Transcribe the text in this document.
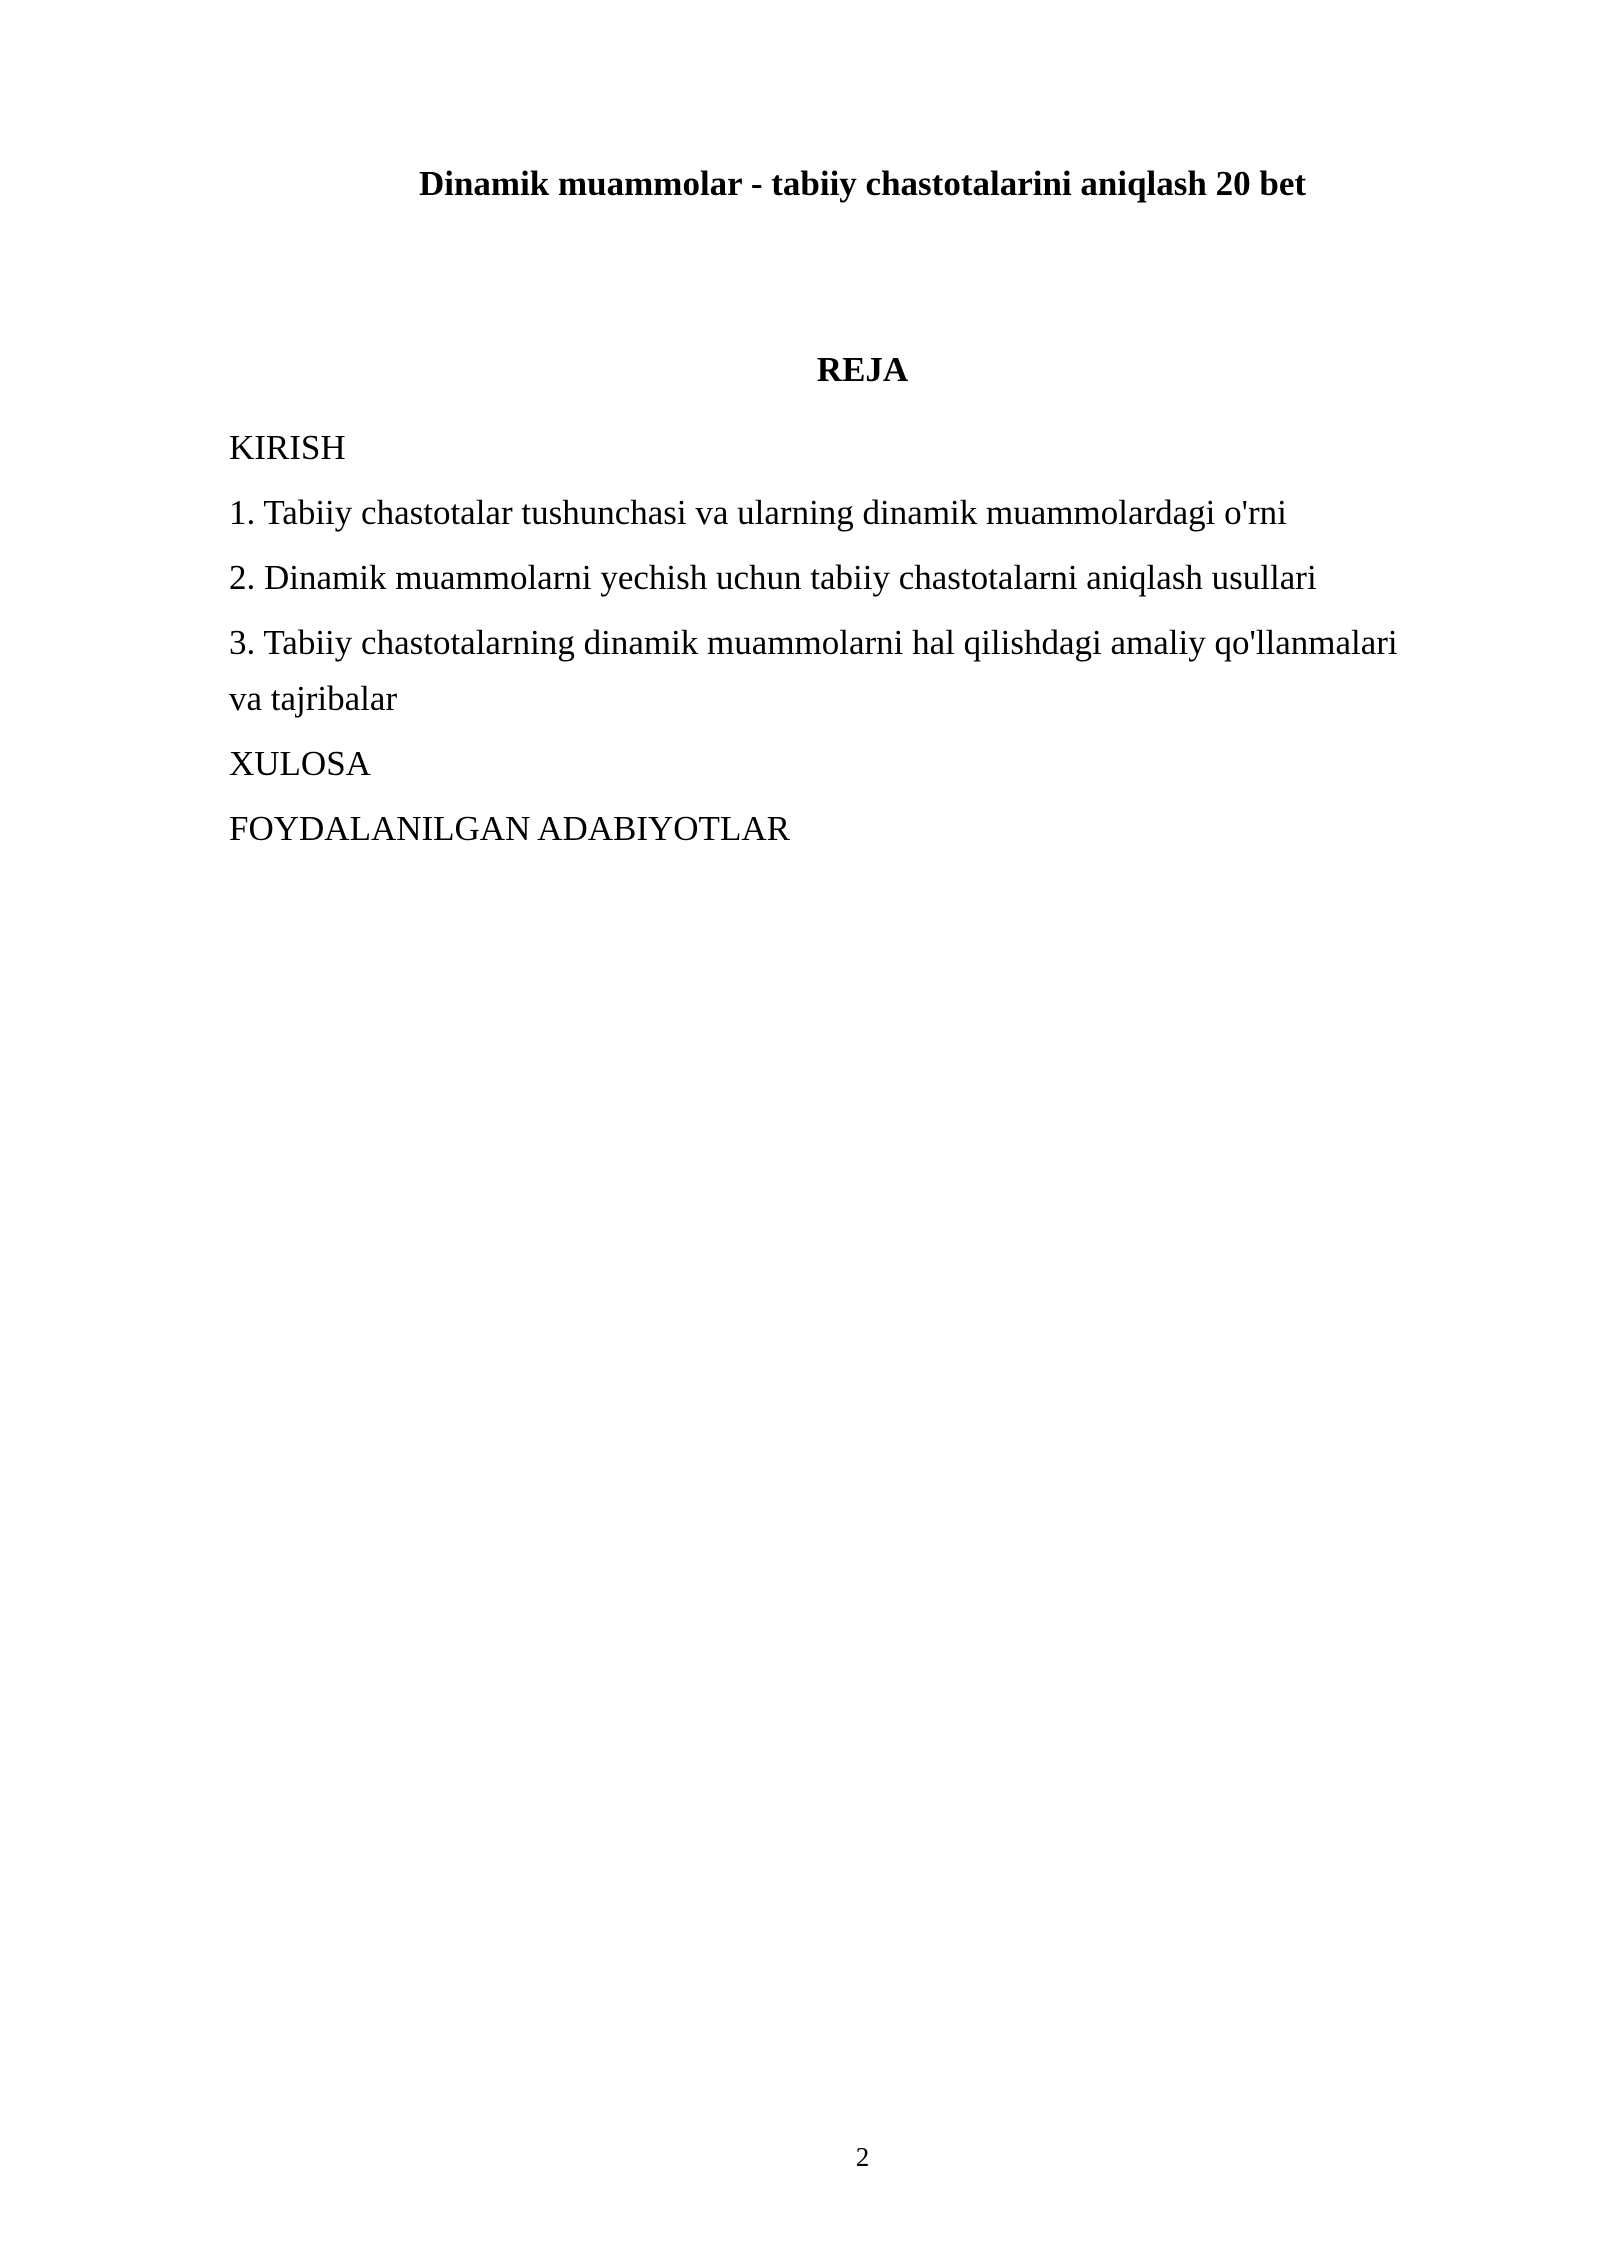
Dinamik muammolar - tabiiy chastotalarini aniqlash 20 bet
REJA
KIRISH
1. Tabiiy chastotalar tushunchasi va ularning dinamik muammolardagi o'rni
2. Dinamik muammolarni yechish uchun tabiiy chastotalarni aniqlash usullari
3. Tabiiy chastotalarning dinamik muammolarni hal qilishdagi amaliy qo'llanmalari va tajribalar
XULOSA
FOYDALANILGAN ADABIYOTLAR
2
